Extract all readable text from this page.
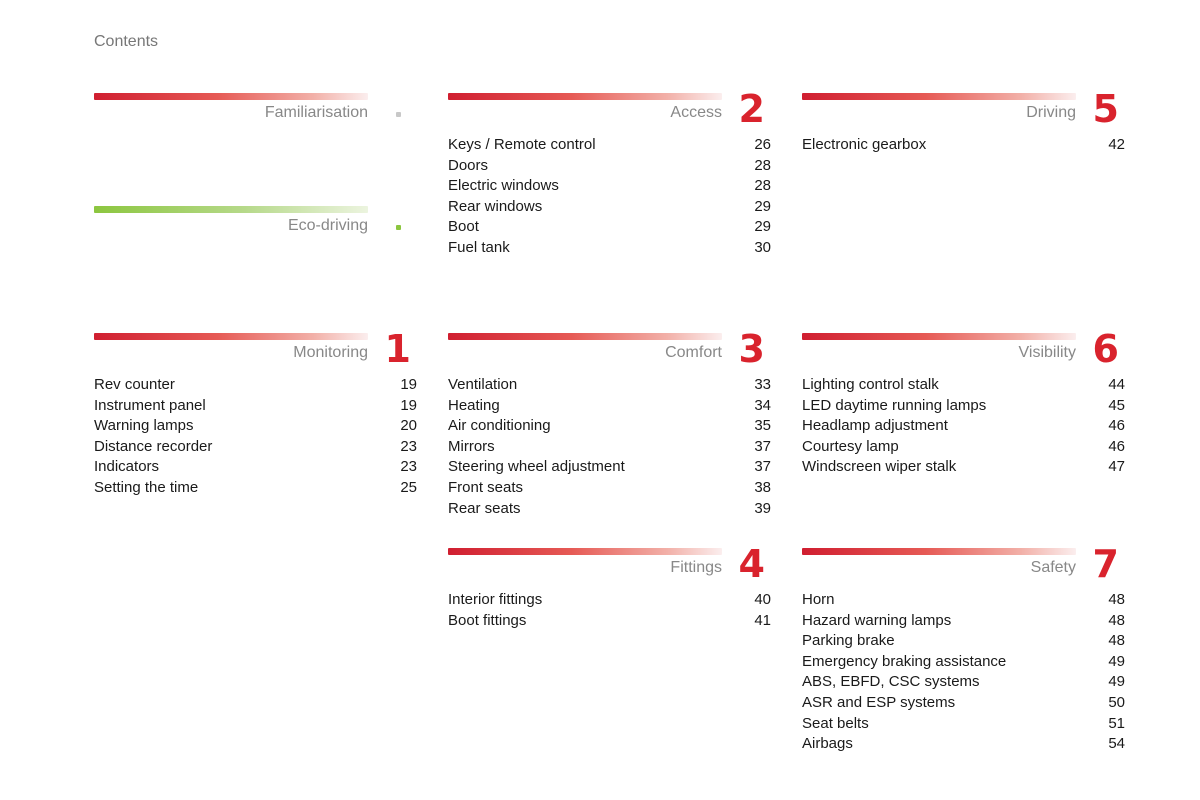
Contents
Familiarisation
Eco-driving
Access 2
Keys / Remote control	26
Doors	28
Electric windows	28
Rear windows	29
Boot	29
Fuel tank	30
Driving 5
Electronic gearbox	42
Monitoring 1
Rev counter	19
Instrument panel	19
Warning lamps	20
Distance recorder	23
Indicators	23
Setting the time	25
Comfort 3
Ventilation	33
Heating	34
Air conditioning	35
Mirrors	37
Steering wheel adjustment	37
Front seats	38
Rear seats	39
Visibility 6
Lighting control stalk	44
LED daytime running lamps	45
Headlamp adjustment	46
Courtesy lamp	46
Windscreen wiper stalk	47
Fittings 4
Interior fittings	40
Boot fittings	41
Safety 7
Horn	48
Hazard warning lamps	48
Parking brake	48
Emergency braking assistance	49
ABS, EBFD, CSC systems	49
ASR and ESP systems	50
Seat belts	51
Airbags	54
